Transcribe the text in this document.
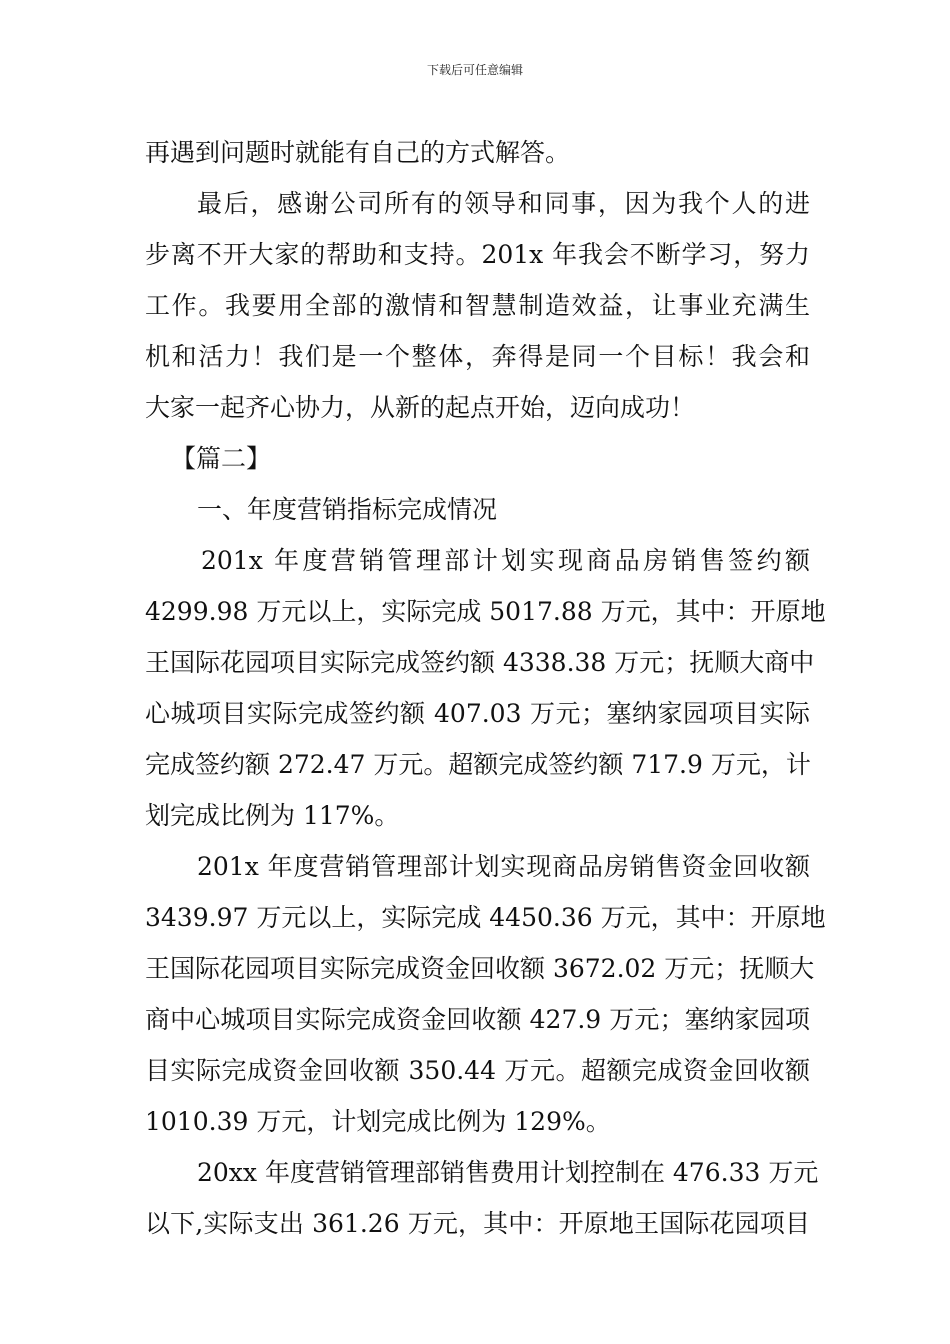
下载后可任意编辑
再遇到问题时就能有自己的方式解答。
最后，感谢公司所有的领导和同事，因为我个人的进
步离不开大家的帮助和支持。201x 年我会不断学习，努力
工作。我要用全部的激情和智慧制造效益，让事业充满生
机和活力！我们是一个整体，奔得是同一个目标！我会和
大家一起齐心协力，从新的起点开始，迈向成功！
【篇二】
一、年度营销指标完成情况
201x 年度营销管理部计划实现商品房销售签约额
4299.98 万元以上，实际完成 5017.88 万元，其中：开原地
王国际花园项目实际完成签约额 4338.38 万元；抚顺大商中
心城项目实际完成签约额 407.03 万元；塞纳家园项目实际
完成签约额 272.47 万元。超额完成签约额 717.9 万元，计
划完成比例为 117%。
201x 年度营销管理部计划实现商品房销售资金回收额
3439.97 万元以上，实际完成 4450.36 万元，其中：开原地
王国际花园项目实际完成资金回收额 3672.02 万元；抚顺大
商中心城项目实际完成资金回收额 427.9 万元；塞纳家园项
目实际完成资金回收额 350.44 万元。超额完成资金回收额
1010.39 万元，计划完成比例为 129%。
20xx 年度营销管理部销售费用计划控制在 476.33 万元
以下,实际支出 361.26 万元，其中：开原地王国际花园项目
